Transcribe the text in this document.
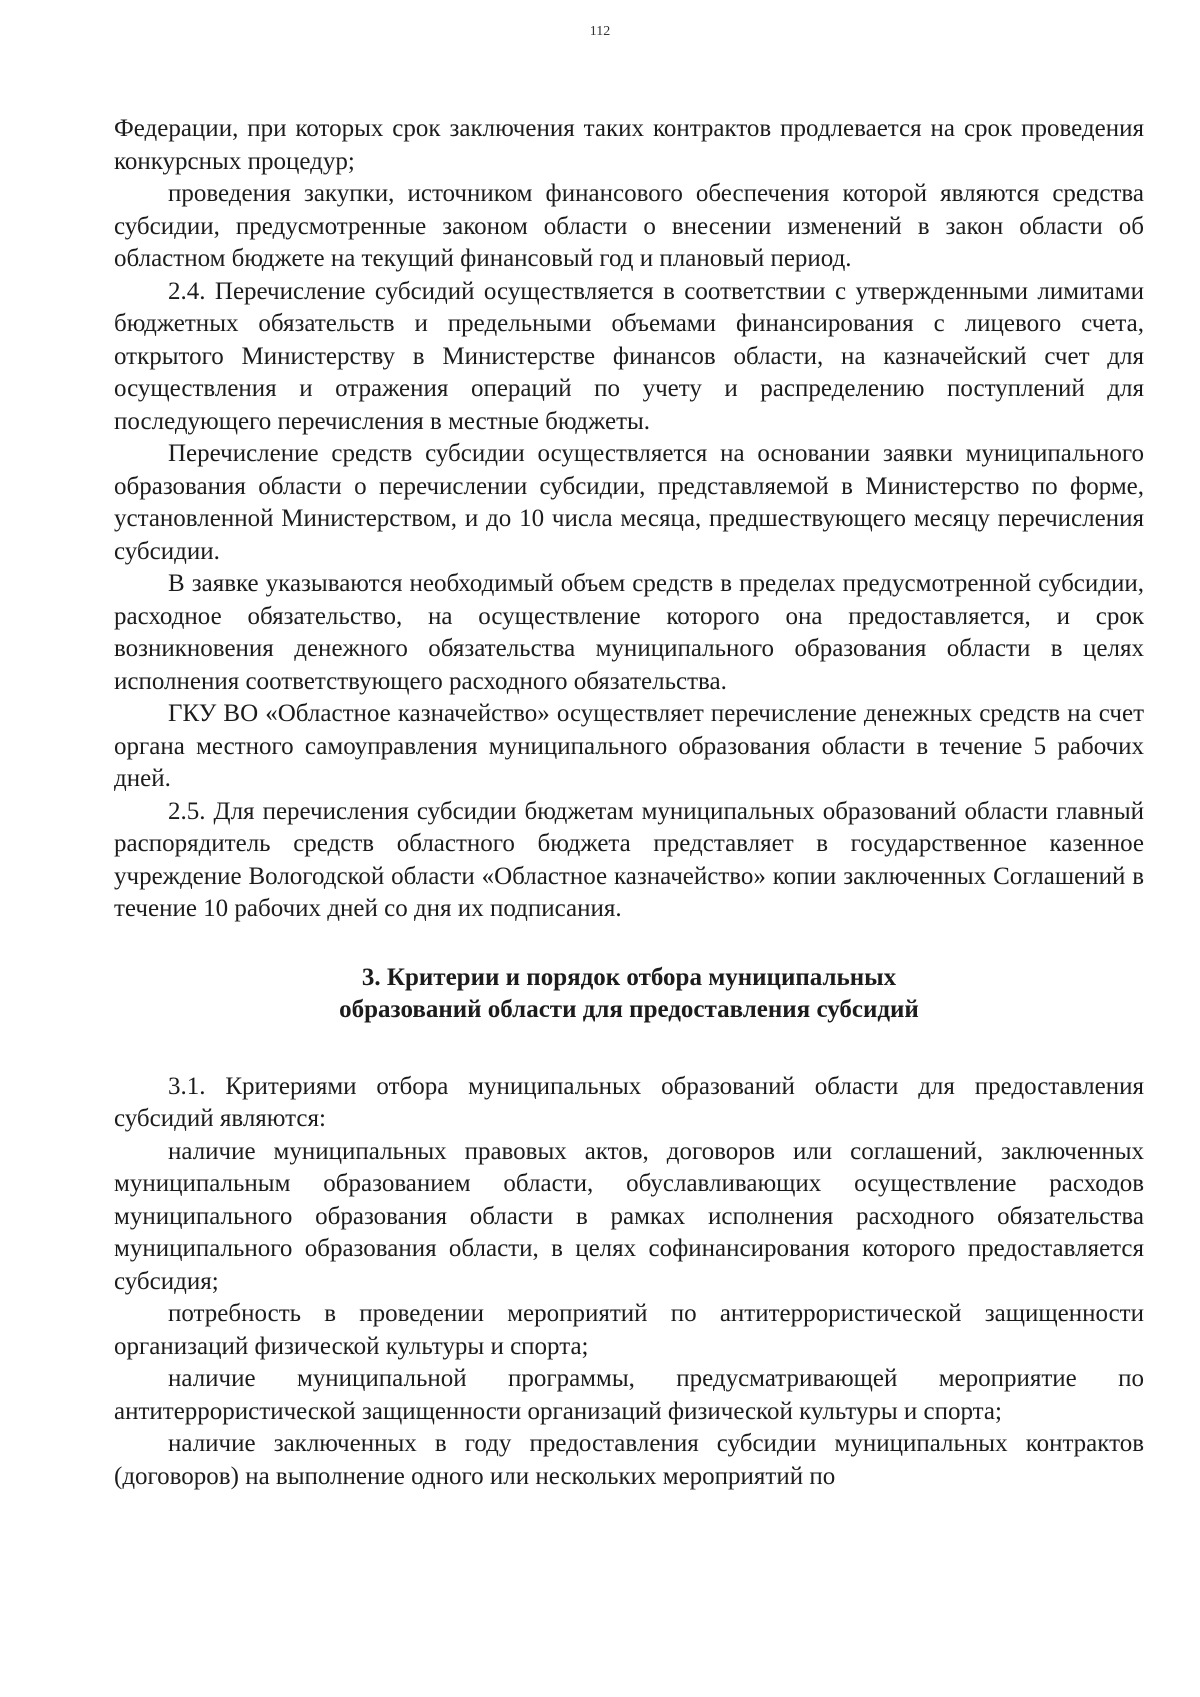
112

Федерации, при которых срок заключения таких контрактов продлевается на срок проведения конкурсных процедур;

проведения закупки, источником финансового обеспечения которой являются средства субсидии, предусмотренные законом области о внесении изменений в закон области об областном бюджете на текущий финансовый год и плановый период.

2.4. Перечисление субсидий осуществляется в соответствии с утвержденными лимитами бюджетных обязательств и предельными объемами финансирования с лицевого счета, открытого Министерству в Министерстве финансов области, на казначейский счет для осуществления и отражения операций по учету и распределению поступлений для последующего перечисления в местные бюджеты.

Перечисление средств субсидии осуществляется на основании заявки муниципального образования области о перечислении субсидии, представляемой в Министерство по форме, установленной Министерством, и до 10 числа месяца, предшествующего месяцу перечисления субсидии.

В заявке указываются необходимый объем средств в пределах предусмотренной субсидии, расходное обязательство, на осуществление которого она предоставляется, и срок возникновения денежного обязательства муниципального образования области в целях исполнения соответствующего расходного обязательства.

ГКУ ВО «Областное казначейство» осуществляет перечисление денежных средств на счет органа местного самоуправления муниципального образования области в течение 5 рабочих дней.

2.5. Для перечисления субсидии бюджетам муниципальных образований области главный распорядитель средств областного бюджета представляет в государственное казенное учреждение Вологодской области «Областное казначейство» копии заключенных Соглашений в течение 10 рабочих дней со дня их подписания.

3. Критерии и порядок отбора муниципальных
образований области для предоставления субсидий

3.1. Критериями отбора муниципальных образований области для предоставления субсидий являются:

наличие муниципальных правовых актов, договоров или соглашений, заключенных муниципальным образованием области, обуславливающих осуществление расходов муниципального образования области в рамках исполнения расходного обязательства муниципального образования области, в целях софинансирования которого предоставляется субсидия;

потребность в проведении мероприятий по антитеррористической защищенности организаций физической культуры и спорта;

наличие муниципальной программы, предусматривающей мероприятие по антитеррористической защищенности организаций физической культуры и спорта;

наличие заключенных в году предоставления субсидии муниципальных контрактов (договоров) на выполнение одного или нескольких мероприятий по
